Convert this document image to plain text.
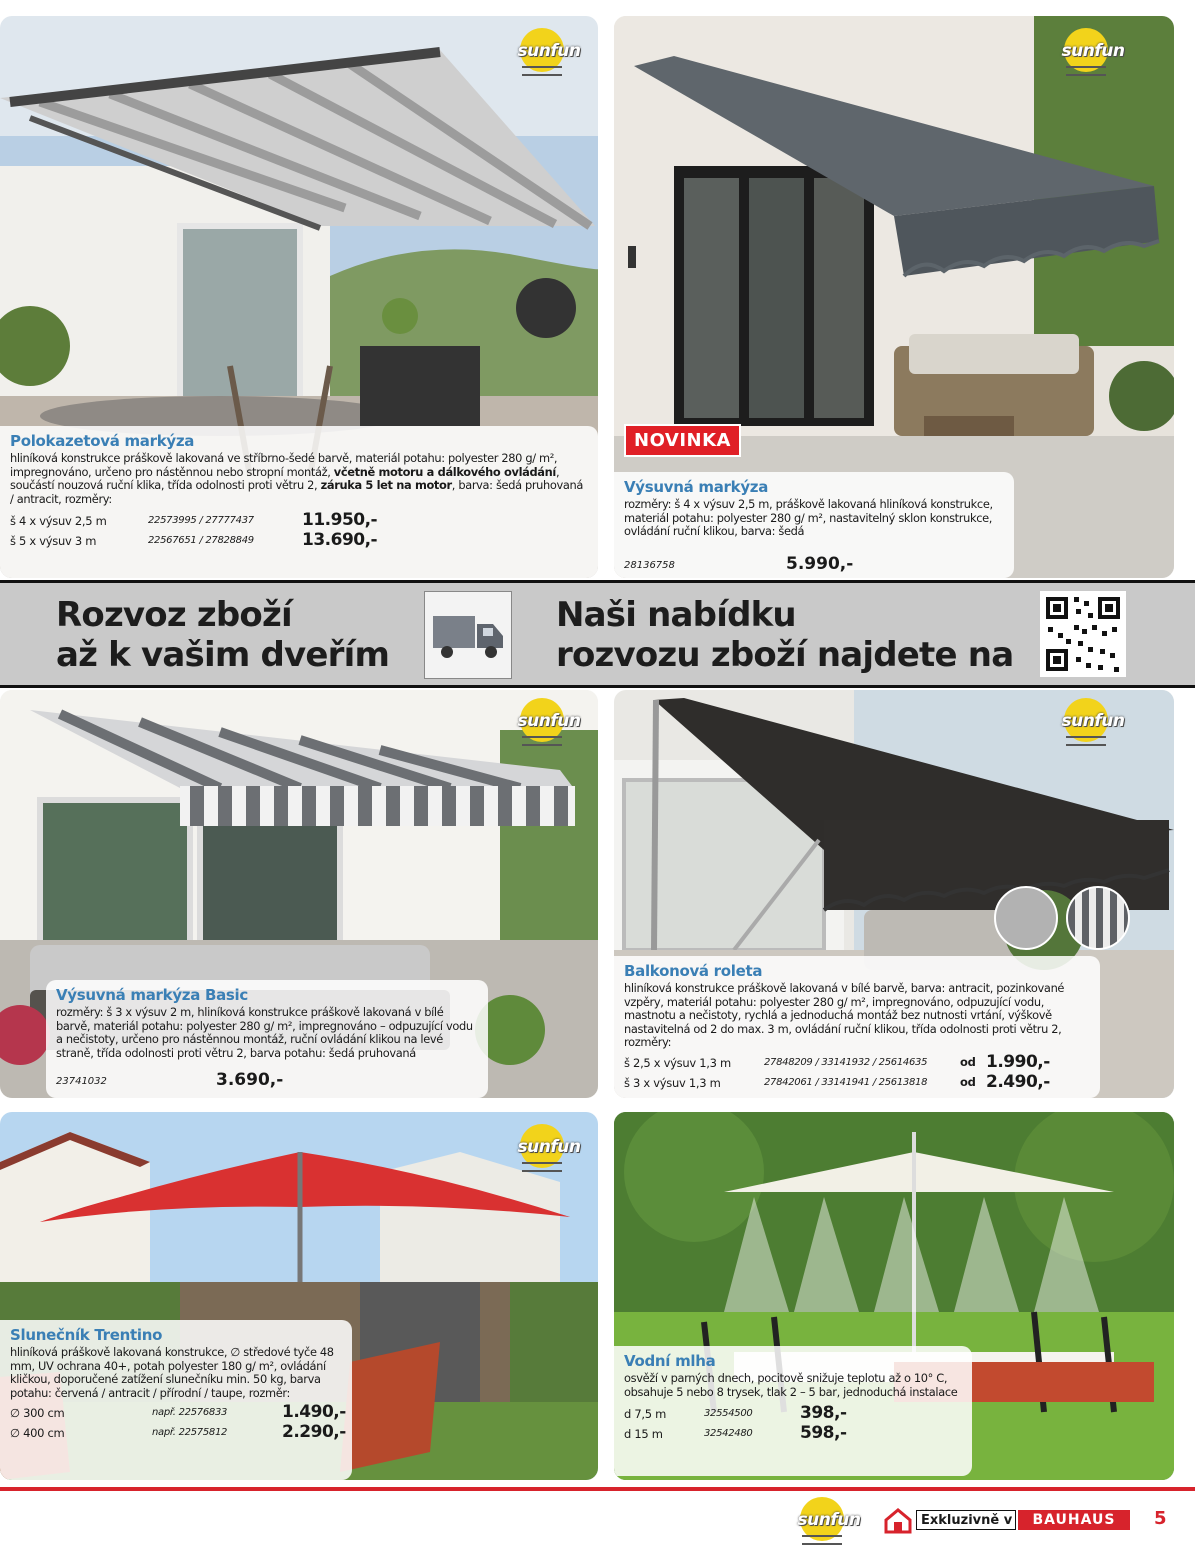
sunfun
Polokazetová markýza

hliníková konstrukce práškově lakovaná ve stříbrno-šedé barvě, materiál potahu: polyester 280 g/ m², impregnováno, určeno pro nástěnnou nebo stropní montáž, včetně motoru a dálkového ovládání, součástí nouzová ruční klika, třída odolnosti proti větru 2, záruka 5 let na motor, barva: šedá pruhovaná / antracit, rozměry:

š 4 x výsuv 2,5 m	22573995 / 27777437	11.950,-
š 5 x výsuv 3 m	22567651 / 27828849	13.690,-
sunfun
NOVINKA
Výsuvná markýza

rozměry: š 4 x výsuv 2,5 m, práškově lakovaná hliníková konstrukce, materiál potahu: polyester 280 g/ m², nastavitelný sklon konstrukce, ovládání ruční klikou, barva: šedá

28136758	5.990,-
Rozvoz zboží
až k vašim dveřím
Naši nabídku
rozvozu zboží najdete na
sunfun
Výsuvná markýza Basic

rozměry: š 3 x výsuv 2 m, hliníková konstrukce práškově lakovaná v bílé barvě, materiál potahu: polyester 280 g/ m², impregnováno – odpuzující vodu a nečistoty, určeno pro nástěnnou montáž, ruční ovládání klikou na levé straně, třída odolnosti proti větru 2, barva potahu: šedá pruhovaná

23741032	3.690,-
sunfun
Balkonová roleta

hliníková konstrukce práškově lakovaná v bílé barvě, barva: antracit, pozinkované vzpěry, materiál potahu: polyester 280 g/ m², impregnováno, odpuzující vodu, mastnotu a nečistoty, rychlá a jednoduchá montáž bez nutnosti vrtání, výškově nastavitelná od 2 do max. 3 m, ovládání ruční klikou, třída odolnosti proti větru 2, rozměry:

š 2,5 x výsuv 1,3 m	27848209 / 33141932 / 25614635	od 1.990,-
š 3 x výsuv 1,3 m	27842061 / 33141941 / 25613818	od 2.490,-
sunfun
Slunečník Trentino

hliníková práškově lakovaná konstrukce, ∅ středové tyče 48 mm, UV ochrana 40+, potah polyester 180 g/ m², ovládání kličkou, doporučené zatížení slunečníku min. 50 kg, barva potahu: červená / antracit / přírodní / taupe, rozměr:

∅ 300 cm	např. 22576833	1.490,-
∅ 400 cm	např. 22575812	2.290,-
Vodní mlha

osvěží v parných dnech, pocitově snižuje teplotu až o 10° C, obsahuje 5 nebo 8 trysek, tlak 2 – 5 bar, jednoduchá instalace

d 7,5 m	32554500	398,-
d 15 m	32542480	598,-
sunfun	Exkluzivně v	BAUHAUS	5
